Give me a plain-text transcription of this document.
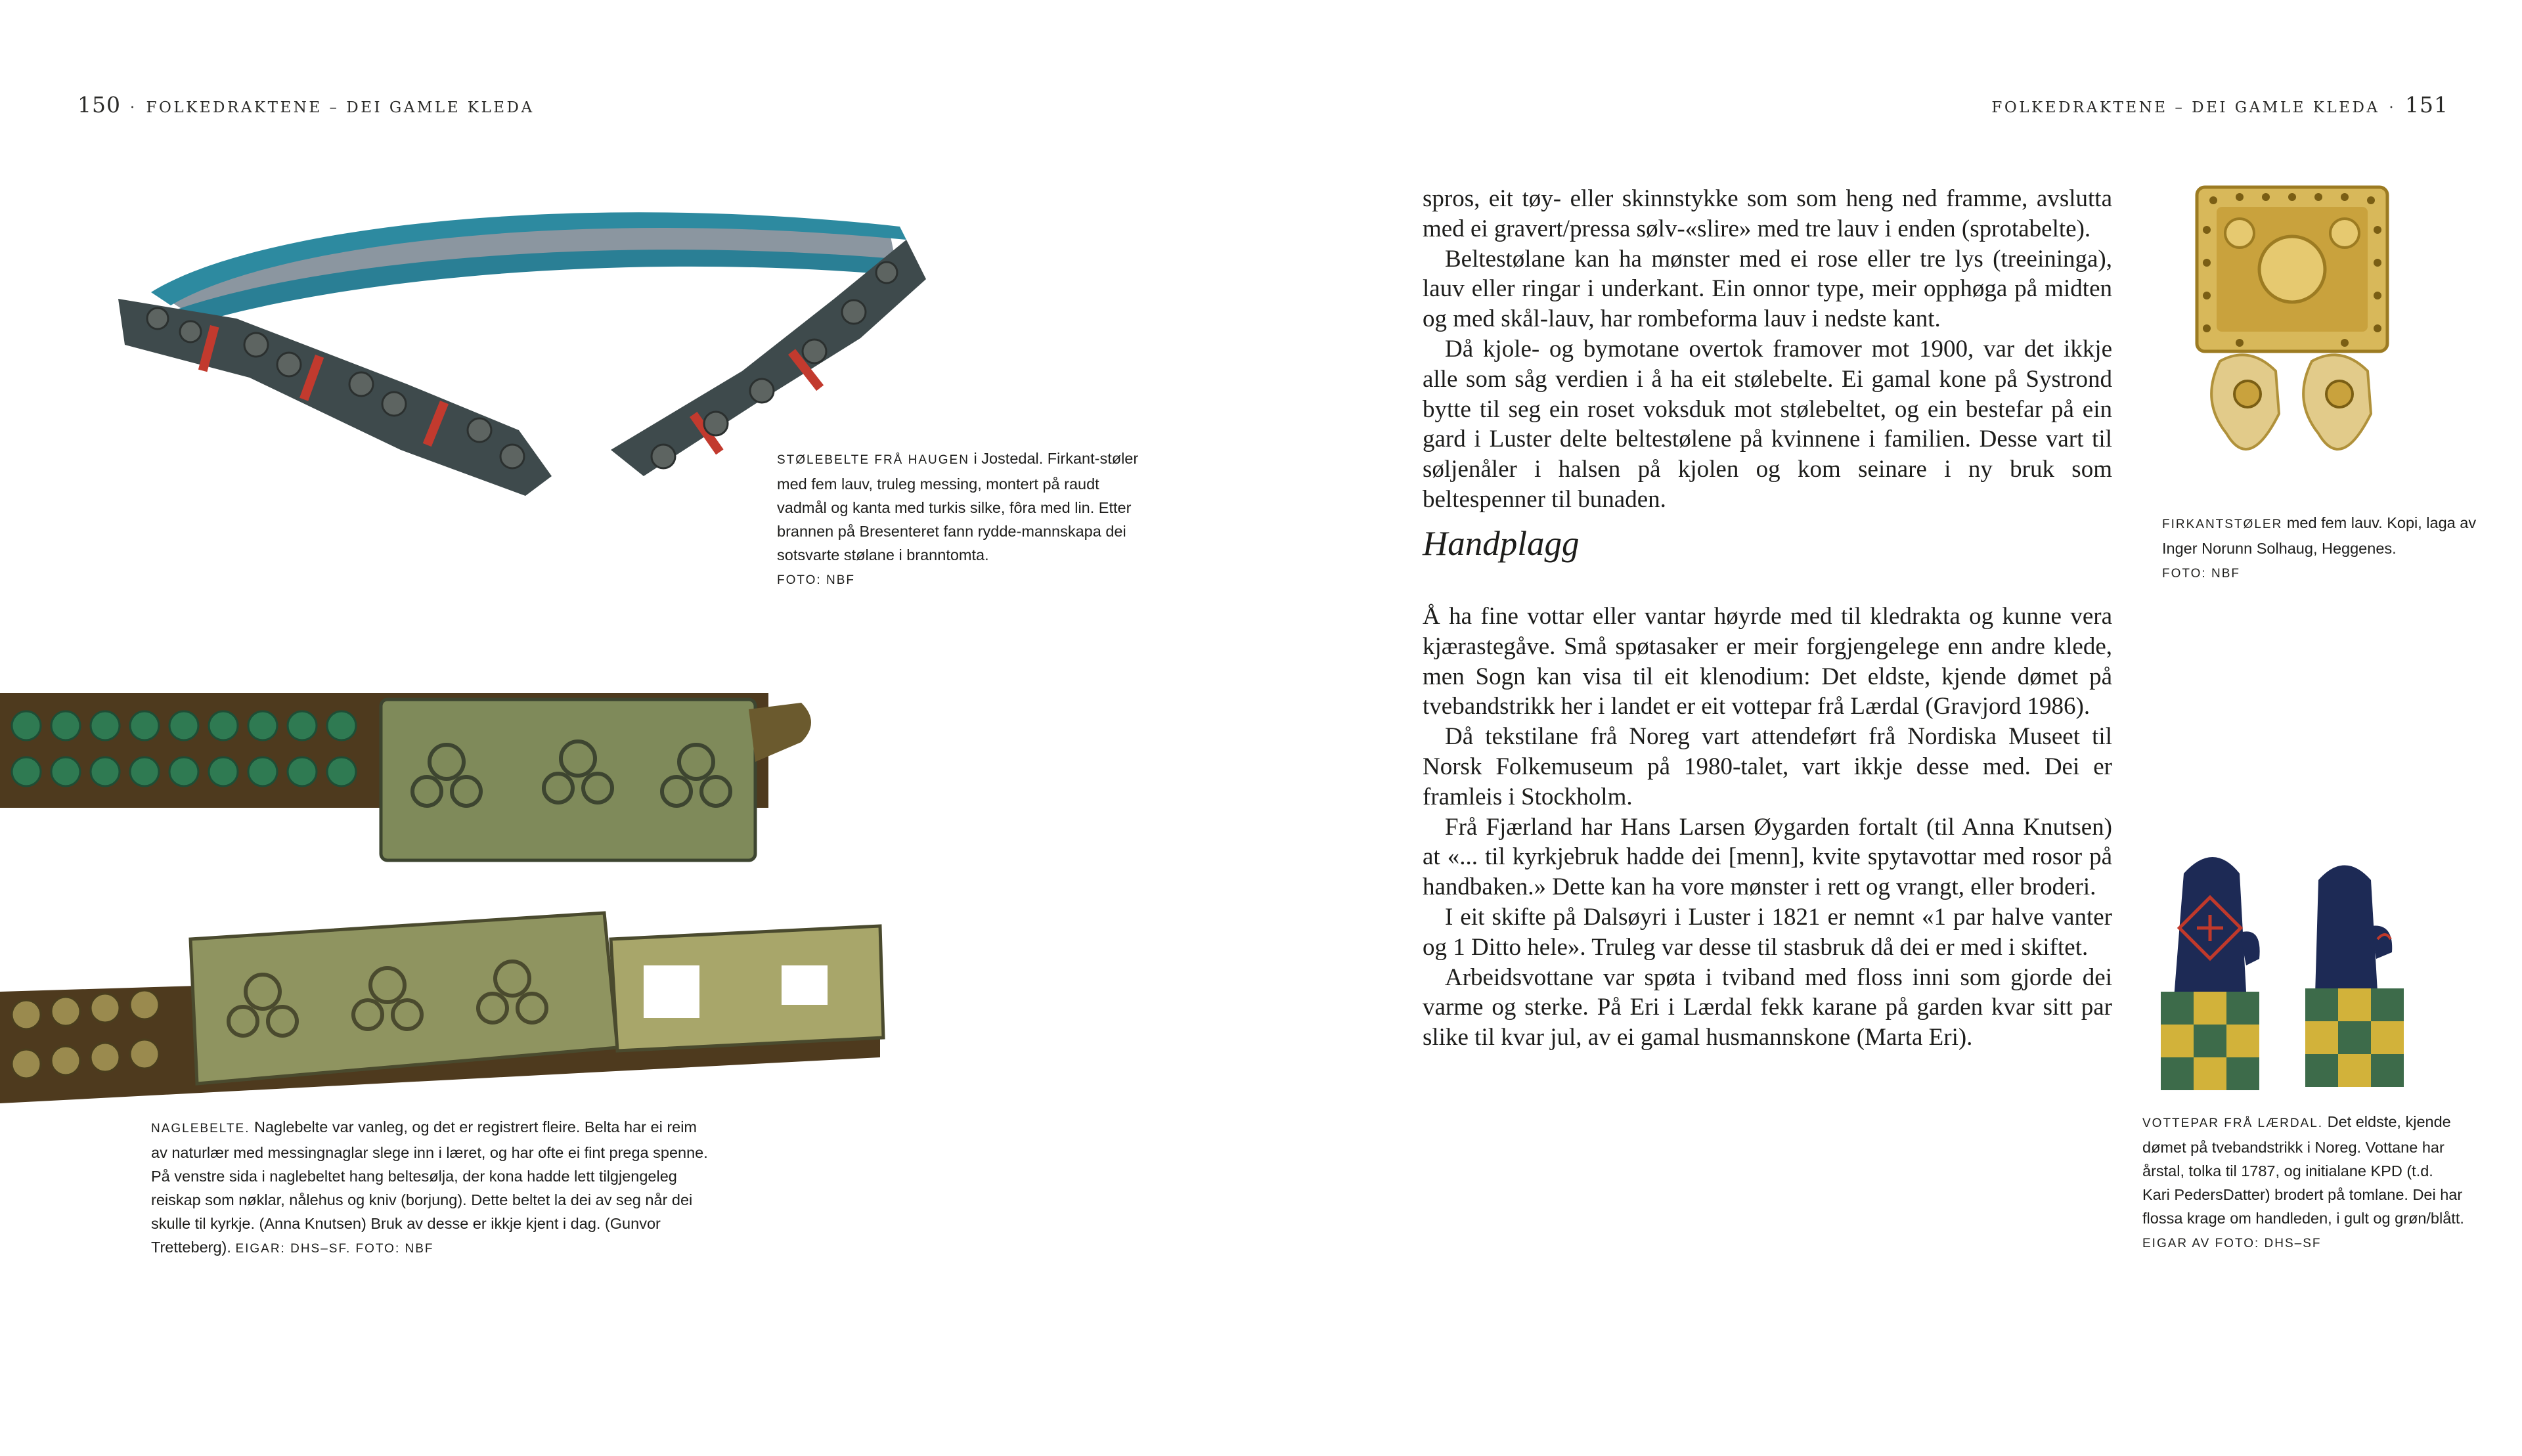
150 · FOLKEDRAKTENE – DEI GAMLE KLEDA
STØLEBELTE FRÅ HAUGEN i Jostedal. Firkant-støler med fem lauv, truleg messing, montert på raudt vadmål og kanta med turkis silke, fôra med lin. Etter brannen på Bresenteret fann rydde-mannskapa dei sotsvarte stølane i branntomta.
FOTO: NBF
NAGLEBELTE. Naglebelte var vanleg, og det er registrert fleire. Belta har ei reim av naturlær med messingnaglar slege inn i læret, og har ofte ei fint prega spenne. På venstre sida i naglebeltet hang beltesølja, der kona hadde lett tilgjengeleg reiskap som nøklar, nålehus og kniv (borjung). Dette beltet la dei av seg når dei skulle til kyrkje. (Anna Knutsen) Bruk av desse er ikkje kjent i dag. (Gunvor Tretteberg). EIGAR: DHS–SF. FOTO: NBF
FOLKEDRAKTENE – DEI GAMLE KLEDA · 151

spros, eit tøy- eller skinnstykke som som heng ned framme, avslutta med ei gravert/pressa sølv-«slire» med tre lauv i enden (sprotabelte).

Beltestølane kan ha mønster med ei rose eller tre lys (treeininga), lauv eller ringar i underkant. Ein onnor type, meir opphøga på midten og med skål-lauv, har rombeforma lauv i nedste kant.

Då kjole- og bymotane overtok framover mot 1900, var det ikkje alle som såg verdien i å ha eit stølebelte. Ei gamal kone på Systrond bytte til seg ein roset voksduk mot stølebeltet, og ein bestefar på ein gard i Luster delte beltestølene på kvinnene i familien. Desse vart til søljenåler i halsen på kjolen og kom seinare i ny bruk som beltespenner til bunaden.

Handplagg

Å ha fine vottar eller vantar høyrde med til kledrakta og kunne vera kjærastegåve. Små spøtasaker er meir forgjengelege enn andre klede, men Sogn kan visa til eit klenodium: Det eldste, kjende dømet på tvebandstrikk her i landet er eit vottepar frå Lærdal (Gravjord 1986).

Då tekstilane frå Noreg vart attendeført frå Nordiska Museet til Norsk Folkemuseum på 1980-talet, vart ikkje desse med. Dei er framleis i Stockholm.

Frå Fjærland har Hans Larsen Øygarden fortalt (til Anna Knutsen) at «... til kyrkjebruk hadde dei [menn], kvite spytavottar med rosor på handbaken.» Dette kan ha vore mønster i rett og vrangt, eller broderi.

I eit skifte på Dalsøyri i Luster i 1821 er nemnt «1 par halve vanter og 1 Ditto hele». Truleg var desse til stasbruk då dei er med i skiftet.

Arbeidsvottane var spøta i tviband med floss inni som gjorde dei varme og sterke. På Eri i Lærdal fekk karane på garden kvar sitt par slike til kvar jul, av ei gamal husmannskone (Marta Eri).

FIRKANTSTØLER med fem lauv. Kopi, laga av Inger Norunn Solhaug, Heggenes.
FOTO: NBF
VOTTEPAR FRÅ LÆRDAL. Det eldste, kjende dømet på tvebandstrikk i Noreg. Vottane har årstal, tolka til 1787, og initialane KPD (t.d. Kari PedersDatter) brodert på tomlane. Dei har flossa krage om handleden, i gult og grøn/blått.
EIGAR AV FOTO: DHS–SF
